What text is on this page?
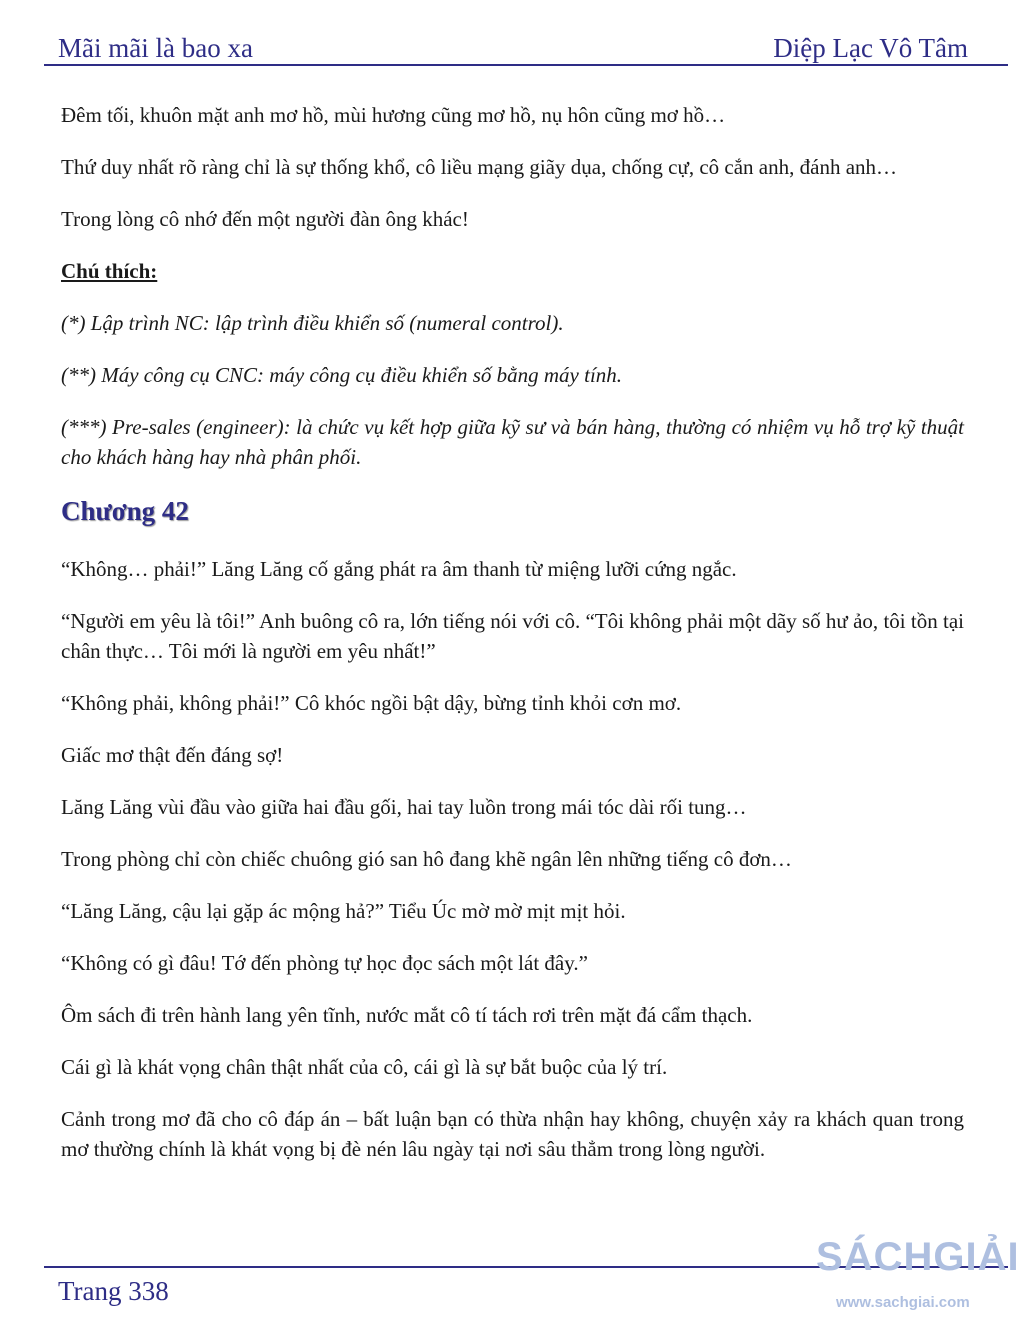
Mãi mãi là bao xa	Diệp Lạc Vô Tâm

Đêm tối, khuôn mặt anh mơ hồ, mùi hương cũng mơ hồ, nụ hôn cũng mơ hồ…

Thứ duy nhất rõ ràng chỉ là sự thống khổ, cô liều mạng giãy dụa, chống cự, cô cắn anh, đánh anh…

Trong lòng cô nhớ đến một người đàn ông khác!

Chú thích:

(*) Lập trình NC: lập trình điều khiển số (numeral control).

(**) Máy công cụ CNC: máy công cụ điều khiển số bằng máy tính.

(***) Pre-sales (engineer): là chức vụ kết hợp giữa kỹ sư và bán hàng, thường có nhiệm vụ hỗ trợ kỹ thuật cho khách hàng hay nhà phân phối.

Chương 42

“Không… phải!” Lăng Lăng cố gắng phát ra âm thanh từ miệng lưỡi cứng ngắc.

“Người em yêu là tôi!” Anh buông cô ra, lớn tiếng nói với cô. “Tôi không phải một dãy số hư ảo, tôi tồn tại chân thực… Tôi mới là người em yêu nhất!”

“Không phải, không phải!” Cô khóc ngồi bật dậy, bừng tỉnh khỏi cơn mơ.

Giấc mơ thật đến đáng sợ!

Lăng Lăng vùi đầu vào giữa hai đầu gối, hai tay luồn trong mái tóc dài rối tung…

Trong phòng chỉ còn chiếc chuông gió san hô đang khẽ ngân lên những tiếng cô đơn…

“Lăng Lăng, cậu lại gặp ác mộng hả?” Tiểu Úc mờ mờ mịt mịt hỏi.

“Không có gì đâu! Tớ đến phòng tự học đọc sách một lát đây.”

Ôm sách đi trên hành lang yên tĩnh, nước mắt cô tí tách rơi trên mặt đá cẩm thạch.

Cái gì là khát vọng chân thật nhất của cô, cái gì là sự bắt buộc của lý trí.

Cảnh trong mơ đã cho cô đáp án – bất luận bạn có thừa nhận hay không, chuyện xảy ra khách quan trong mơ thường chính là khát vọng bị đè nén lâu ngày tại nơi sâu thẳm trong lòng người.

Trang 338
SÁCHGIẢI
www.sachgiai.com
